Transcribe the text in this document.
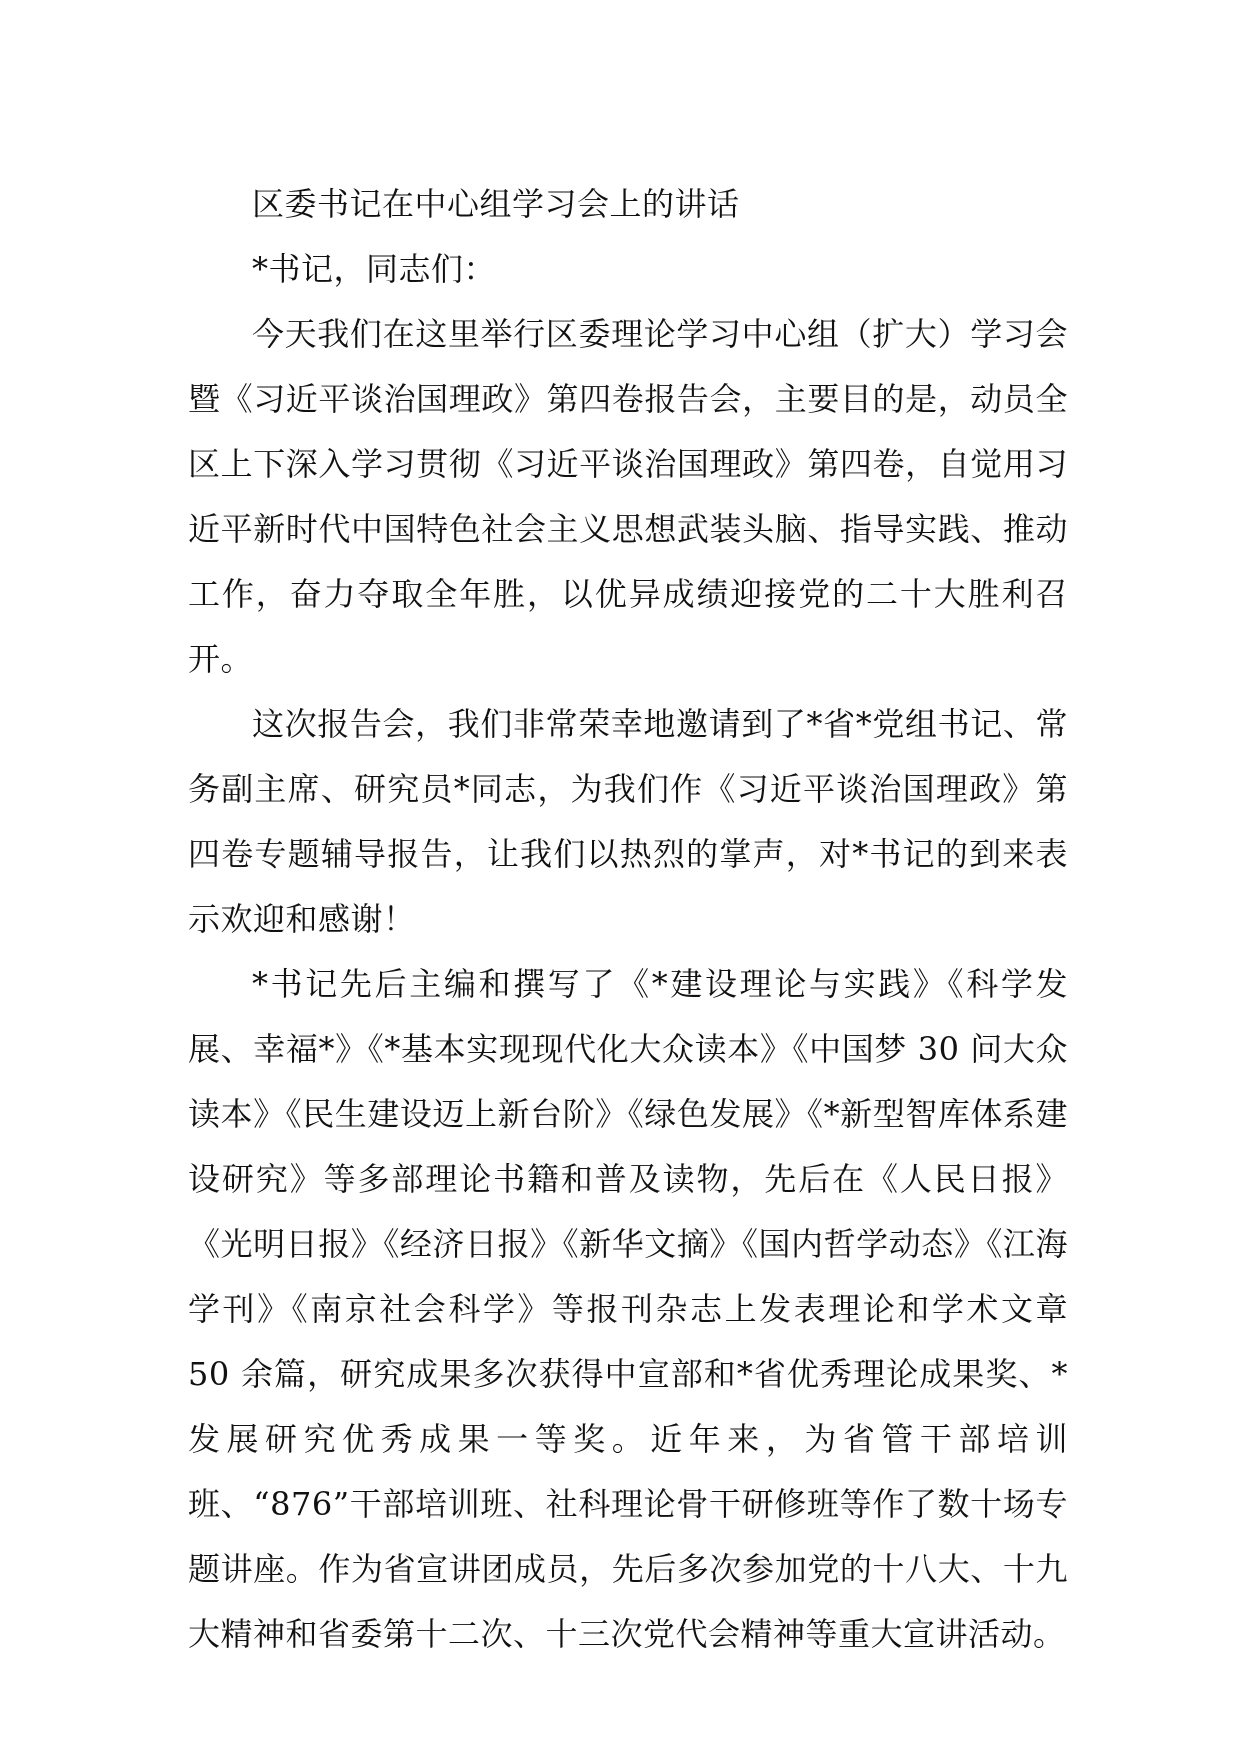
区委书记在中心组学习会上的讲话

*书记，同志们：

今天我们在这里举行区委理论学习中心组（扩大）学习会暨《习近平谈治国理政》第四卷报告会，主要目的是，动员全区上下深入学习贯彻《习近平谈治国理政》第四卷，自觉用习近平新时代中国特色社会主义思想武装头脑、指导实践、推动工作，奋力夺取全年胜，以优异成绩迎接党的二十大胜利召开。

这次报告会，我们非常荣幸地邀请到了*省*党组书记、常务副主席、研究员*同志，为我们作《习近平谈治国理政》第四卷专题辅导报告，让我们以热烈的掌声，对*书记的到来表示欢迎和感谢！

*书记先后主编和撰写了《*建设理论与实践》《科学发展、幸福*》《*基本实现现代化大众读本》《中国梦 30 问大众读本》《民生建设迈上新台阶》《绿色发展》《*新型智库体系建设研究》等多部理论书籍和普及读物，先后在《人民日报》《光明日报》《经济日报》《新华文摘》《国内哲学动态》《江海学刊》《南京社会科学》等报刊杂志上发表理论和学术文章 50 余篇，研究成果多次获得中宣部和*省优秀理论成果奖、*发展研究优秀成果一等奖。近年来，为省管干部培训班、“876”干部培训班、社科理论骨干研修班等作了数十场专题讲座。作为省宣讲团成员，先后多次参加党的十八大、十九大精神和省委第十二次、十三次党代会精神等重大宣讲活动。
